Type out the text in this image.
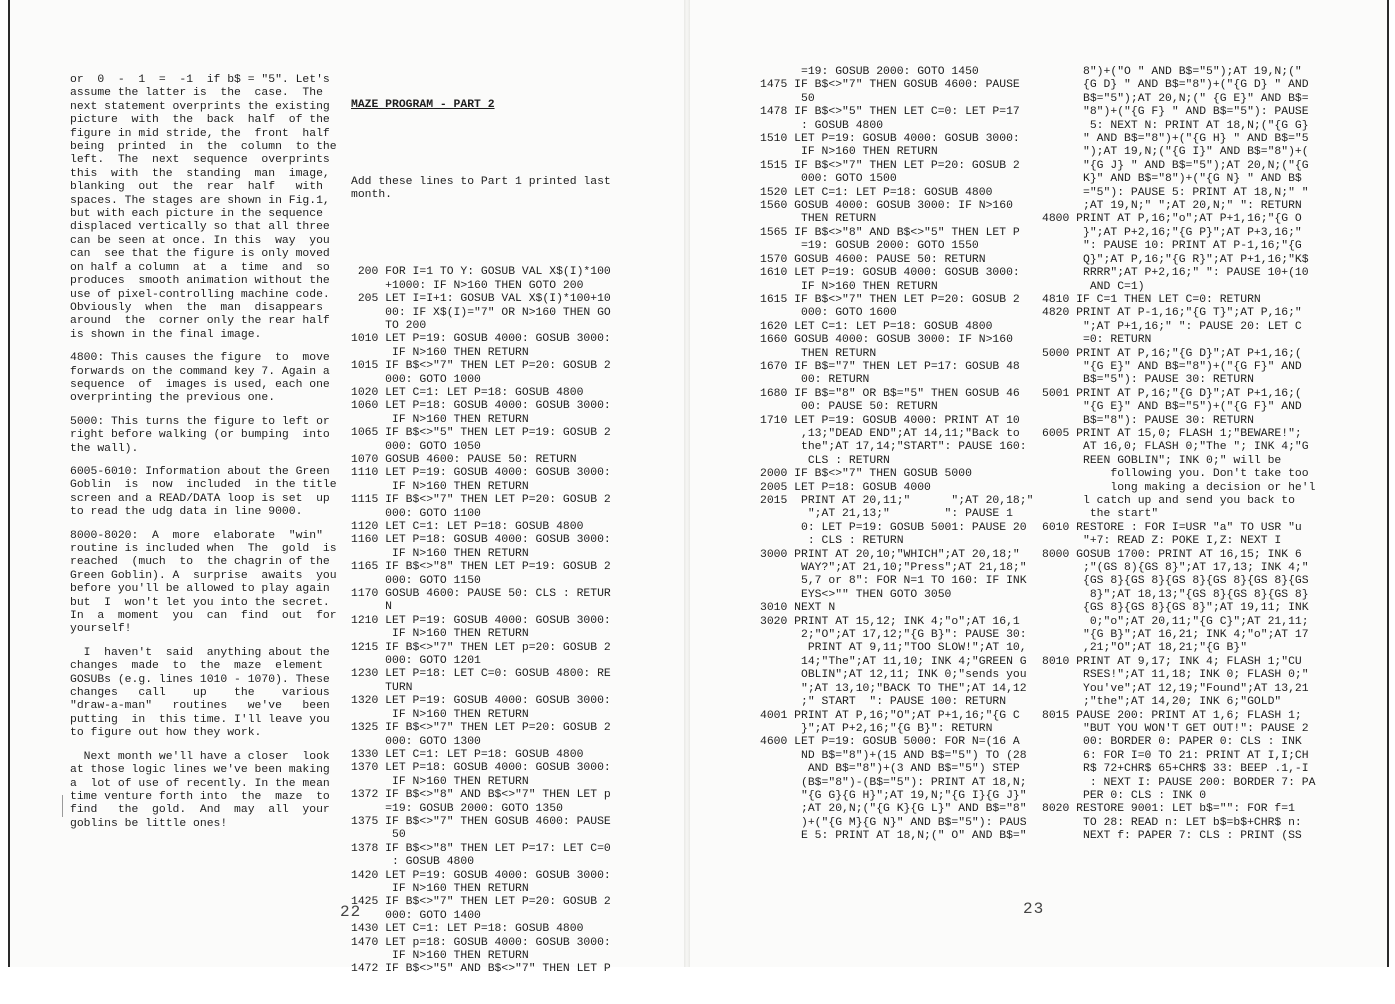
or  0  -  1  =  -1  if b$ = "5". Let's
assume the latter is  the  case.  The
next statement overprints the existing
picture  with  the  back  half  of the
figure in mid stride, the  front  half
being  printed  in  the  column  to the
left.  The  next  sequence  overprints
this  with  the  standing  man  image,
blanking  out  the  rear  half   with
spaces. The stages are shown in Fig.1,
but with each picture in the sequence
displaced vertically so that all three
can be seen at once. In this  way  you
can  see that the figure is only moved
on half a column  at  a  time  and  so
produces  smooth animation without the
use of pixel-controlling machine code.
Obviously  when  the  man  disappears
around  the  corner only the rear half
is shown in the final image.
4800: This causes the figure  to  move
forwards on the command key 7. Again a
sequence  of  images is used, each one
overprinting the previous one.
5000: This turns the figure to left or
right before walking (or bumping  into
the wall).
6005-6010: Information about the Green
Goblin  is  now  included  in the title
screen and a READ/DATA loop is set  up
to read the udg data in line 9000.
8000-8020:  A  more  elaborate  "win"
routine is included when  The  gold  is
reached  (much  to  the chagrin of the
Green Goblin). A  surprise  awaits  you
before you'll be allowed to play again
but  I  won't let you into the secret.
In  a  moment  you  can  find  out  for
yourself!
I  haven't  said  anything about the
changes  made  to  the  maze  element
GOSUBs (e.g. lines 1010 - 1070). These
changes   call    up    the    various
"draw-a-man"   routines   we've   been
putting  in  this time. I'll leave you
to figure out how they work.
Next month we'll have a closer  look
at those logic lines we've been making
a  lot of use of recently. In the mean
time venture forth into  the  maze  to
find   the  gold.  And  may  all  your
goblins be little ones!

MAZE PROGRAM - PART 2

Add these lines to Part 1 printed last
month.

200 FOR I=1 TO Y: GOSUB VAL X$(I)*100
+1000: IF N>160 THEN GOTO 200
205 LET I=I+1: GOSUB VAL X$(I)*100+10
00: IF X$(I)="7" OR N>160 THEN GO
TO 200
1010 LET P=19: GOSUB 4000: GOSUB 3000:
IF N>160 THEN RETURN
1015 IF B$<>"7" THEN LET P=20: GOSUB 2
000: GOTO 1000
1020 LET C=1: LET P=18: GOSUB 4800
1060 LET P=18: GOSUB 4000: GOSUB 3000:
IF N>160 THEN RETURN
1065 IF B$<>"5" THEN LET P=19: GOSUB 2
000: GOTO 1050
1070 GOSUB 4600: PAUSE 50: RETURN
1110 LET P=19: GOSUB 4000: GOSUB 3000:
IF N>160 THEN RETURN
1115 IF B$<>"7" THEN LET P=20: GOSUB 2
000: GOTO 1100
1120 LET C=1: LET P=18: GOSUB 4800
1160 LET P=18: GOSUB 4000: GOSUB 3000:
IF N>160 THEN RETURN
1165 IF B$<>"8" THEN LET P=19: GOSUB 2
000: GOTO 1150
1170 GOSUB 4600: PAUSE 50: CLS : RETUR
N
1210 LET P=19: GOSUB 4000: GOSUB 3000:
IF N>160 THEN RETURN
1215 IF B$<>"7" THEN LET p=20: GOSUB 2
000: GOTO 1201
1230 LET P=18: LET C=0: GOSUB 4800: RE
TURN
1320 LET P=19: GOSUB 4000: GOSUB 3000:
IF N>160 THEN RETURN
1325 IF B$<>"7" THEN LET P=20: GOSUB 2
000: GOTO 1300
1330 LET C=1: LET P=18: GOSUB 4800
1370 LET P=18: GOSUB 4000: GOSUB 3000:
IF N>160 THEN RETURN
1372 IF B$<>"8" AND B$<>"7" THEN LET p
=19: GOSUB 2000: GOTO 1350
1375 IF B$<>"7" THEN GOSUB 4600: PAUSE
50
1378 IF B$<>"8" THEN LET P=17: LET C=0
: GOSUB 4800
1420 LET P=19: GOSUB 4000: GOSUB 3000:
IF N>160 THEN RETURN
1425 IF B$<>"7" THEN LET P=20: GOSUB 2
000: GOTO 1400
1430 LET C=1: LET P=18: GOSUB 4800
1470 LET p=18: GOSUB 4000: GOSUB 3000:
IF N>160 THEN RETURN
1472 IF B$<>"5" AND B$<>"7" THEN LET P

22
=19: GOSUB 2000: GOTO 1450
1475 IF B$<>"7" THEN GOSUB 4600: PAUSE
50
1478 IF B$<>"5" THEN LET C=0: LET P=17
: GOSUB 4800
1510 LET P=19: GOSUB 4000: GOSUB 3000:
IF N>160 THEN RETURN
1515 IF B$<>"7" THEN LET P=20: GOSUB 2
000: GOTO 1500
1520 LET C=1: LET P=18: GOSUB 4800
1560 GOSUB 4000: GOSUB 3000: IF N>160
THEN RETURN
1565 IF B$<>"8" AND B$<>"5" THEN LET P
=19: GOSUB 2000: GOTO 1550
1570 GOSUB 4600: PAUSE 50: RETURN
1610 LET P=19: GOSUB 4000: GOSUB 3000:
IF N>160 THEN RETURN
1615 IF B$<>"7" THEN LET P=20: GOSUB 2
000: GOTO 1600
1620 LET C=1: LET P=18: GOSUB 4800
1660 GOSUB 4000: GOSUB 3000: IF N>160
THEN RETURN
1670 IF B$="7" THEN LET P=17: GOSUB 48
00: RETURN
1680 IF B$="8" OR B$="5" THEN GOSUB 46
00: PAUSE 50: RETURN
1710 LET P=19: GOSUB 4000: PRINT AT 10
,13;"DEAD END";AT 14,11;"Back to
the";AT 17,14;"START": PAUSE 160:
CLS : RETURN
2000 IF B$<>"7" THEN GOSUB 5000
2005 LET P=18: GOSUB 4000
2015  PRINT AT 20,11;"      ";AT 20,18;"
";AT 21,13;"        ": PAUSE 1
0: LET P=19: GOSUB 5001: PAUSE 20
: CLS : RETURN
3000 PRINT AT 20,10;"WHICH";AT 20,18;"
WAY?";AT 21,10;"Press";AT 21,18;"
5,7 or 8": FOR N=1 TO 160: IF INK
EYS<>"" THEN GOTO 3050
3010 NEXT N
3020 PRINT AT 15,12; INK 4;"o";AT 16,1
2;"O";AT 17,12;"{G B}": PAUSE 30:
PRINT AT 9,11;"TOO SLOW!";AT 10,
14;"The";AT 11,10; INK 4;"GREEN G
OBLIN";AT 12,11; INK 0;"sends you
";AT 13,10;"BACK TO THE";AT 14,12
;" START  ": PAUSE 100: RETURN
4001 PRINT AT P,16;"O";AT P+1,16;"{G C
}";AT P+2,16;"{G B}": RETURN
4600 LET P=19: GOSUB 5000: FOR N=(16 A
ND B$="8")+(15 AND B$="5") TO (28
AND B$="8")+(3 AND B$="5") STEP
(B$="8")-(B$="5"): PRINT AT 18,N;
"{G G}{G H}";AT 19,N;"{G I}{G J}"
;AT 20,N;("{G K}{G L}" AND B$="8"
)+("{G M}{G N}" AND B$="5"): PAUS
E 5: PRINT AT 18,N;(" O" AND B$="
8")+("O " AND B$="5");AT 19,N;("
{G D} " AND B$="8")+("{G D} " AND
B$="5");AT 20,N;(" {G E}" AND B$=
"8")+("{G F} " AND B$="5"): PAUSE
5: NEXT N: PRINT AT 18,N;("{G G}
" AND B$="8")+("{G H} " AND B$="5
");AT 19,N;("{G I}" AND B$="8")+(
"{G J} " AND B$="5");AT 20,N;("{G
K}" AND B$="8")+("{G N} " AND B$
="5"): PAUSE 5: PRINT AT 18,N;" "
;AT 19,N;" ";AT 20,N;" ": RETURN
4800 PRINT AT P,16;"o";AT P+1,16;"{G O
}";AT P+2,16;"{G P}";AT P+3,16;"
": PAUSE 10: PRINT AT P-1,16;"{G
Q}";AT P,16;"{G R}";AT P+1,16;"K$
RRRR";AT P+2,16;" ": PAUSE 10+(10
AND C=1)
4810 IF C=1 THEN LET C=0: RETURN
4820 PRINT AT P-1,16;"{G T}";AT P,16;"
";AT P+1,16;" ": PAUSE 20: LET C
=0: RETURN
5000 PRINT AT P,16;"{G D}";AT P+1,16;(
"{G E}" AND B$="8")+("{G F}" AND
B$="5"): PAUSE 30: RETURN
5001 PRINT AT P,16;"{G D}";AT P+1,16;(
"{G E}" AND B$="5")+("{G F}" AND
B$="8"): PAUSE 30: RETURN
6005 PRINT AT 15,0; FLASH 1;"BEWARE!";
AT 16,0; FLASH 0;"The "; INK 4;"G
REEN GOBLIN"; INK 0;" will be
following you. Don't take too
long making a decision or he'l
l catch up and send you back to
the start"
6010 RESTORE : FOR I=USR "a" TO USR "u
"+7: READ Z: POKE I,Z: NEXT I
8000 GOSUB 1700: PRINT AT 16,15; INK 6
;"(GS 8){GS 8}";AT 17,13; INK 4;"
{GS 8}{GS 8}{GS 8}{GS 8}{GS 8}{GS
8}";AT 18,13;"{GS 8}{GS 8}{GS 8}
{GS 8}{GS 8}{GS 8}";AT 19,11; INK
0;"o";AT 20,11;"{G C}";AT 21,11;
"{G B}";AT 16,21; INK 4;"o";AT 17
,21;"O";AT 18,21;"{G B}"
8010 PRINT AT 9,17; INK 4; FLASH 1;"CU
RSES!";AT 11,18; INK 0; FLASH 0;"
You've";AT 12,19;"Found";AT 13,21
;"the";AT 14,20; INK 6;"GOLD"
8015 PAUSE 200: PRINT AT 1,6; FLASH 1;
"BUT YOU WON'T GET OUT!": PAUSE 2
00: BORDER 0: PAPER 0: CLS : INK
6: FOR I=0 TO 21: PRINT AT I,I;CH
R$ 72+CHR$ 65+CHR$ 33: BEEP .1,-I
: NEXT I: PAUSE 200: BORDER 7: PA
PER 0: CLS : INK 0
8020 RESTORE 9001: LET b$="": FOR f=1
TO 28: READ n: LET b$=b$+CHR$ n:
NEXT f: PAPER 7: CLS : PRINT (SS
23
